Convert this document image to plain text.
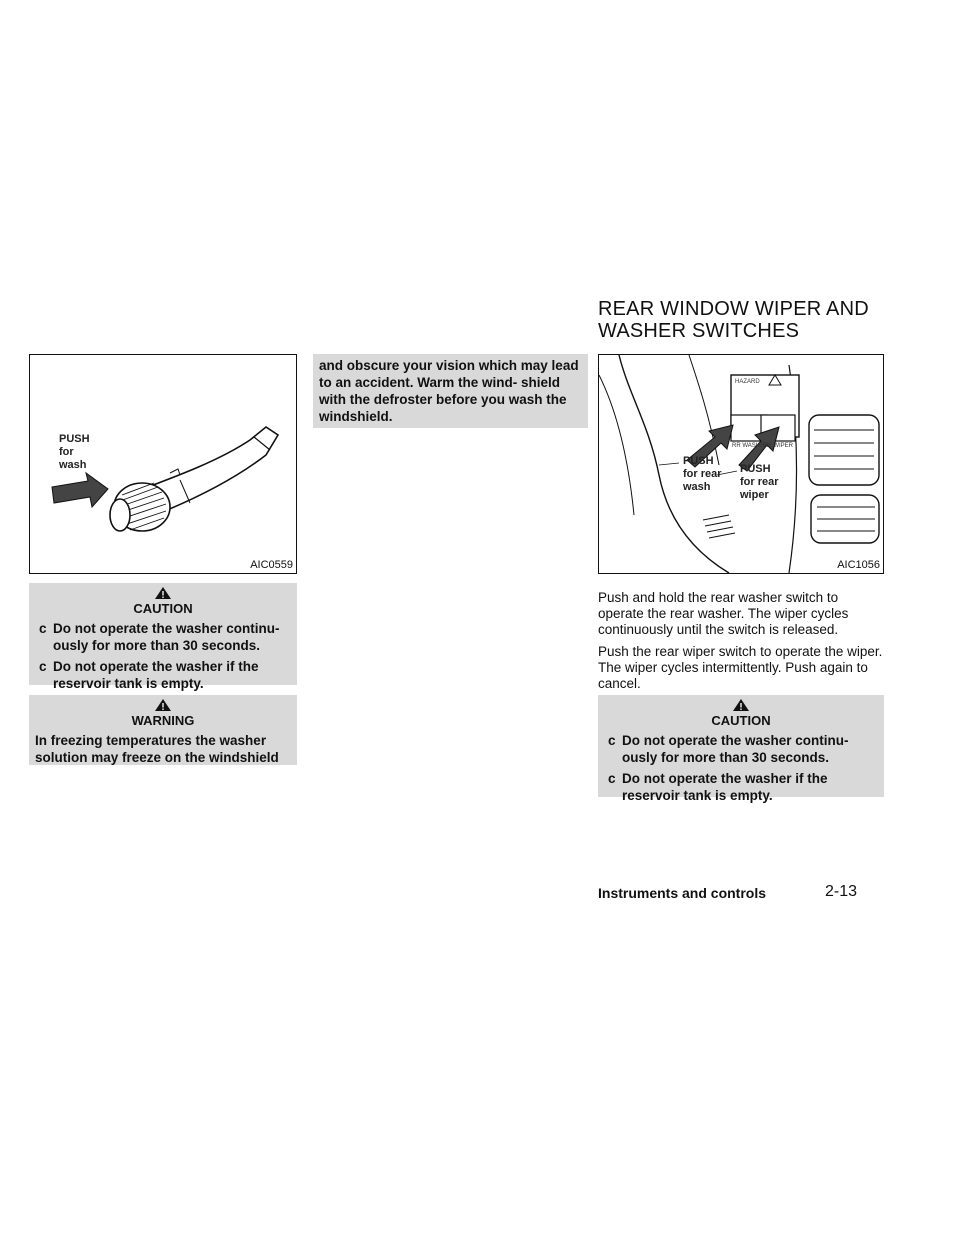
REAR WINDOW WIPER AND
WASHER SWITCHES
PUSH
for
wash
AIC0559
CAUTION
c Do not operate the washer continu- ously for more than 30 seconds.
c Do not operate the washer if the reservoir tank is empty.
WARNING
In freezing temperatures the washer solution may freeze on the windshield
and obscure your vision which may lead to an accident. Warm the wind- shield with the defroster before you wash the windshield.
RR WASHER
RR WIPER
HAZARD
PUSH
for rear
wash
PUSH
for rear
wiper
AIC1056
Push and hold the rear washer switch to operate the rear washer. The wiper cycles continuously until the switch is released.
Push the rear wiper switch to operate the wiper. The wiper cycles intermittently. Push again to cancel.
CAUTION
c Do not operate the washer continu- ously for more than 30 seconds.
c Do not operate the washer if the reservoir tank is empty.
Instruments and controls	2-13
